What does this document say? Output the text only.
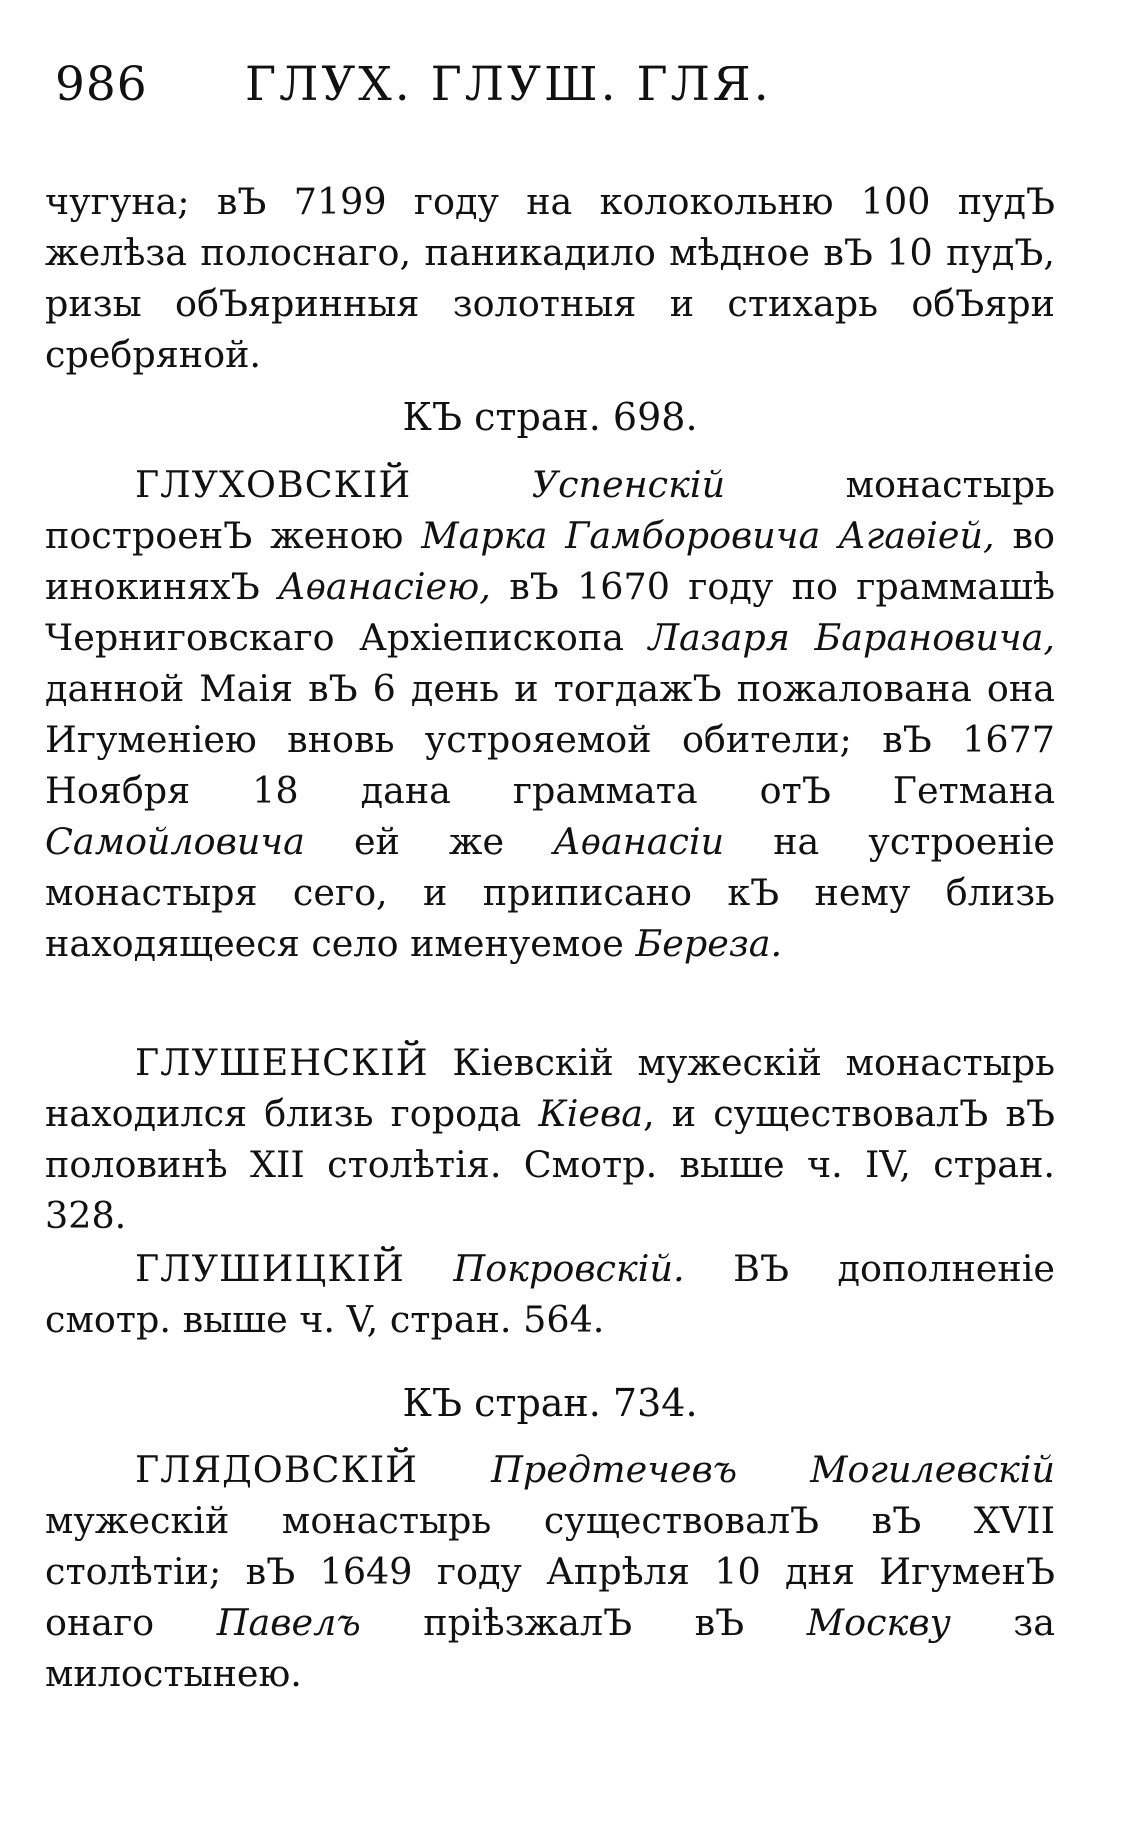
986 ГЛУХ. ГЛУШ. ГЛЯ.

чугуна; вЪ 7199 году на колокольню 100 пудЪ желѣза полоснаго, паникадило мѣдное вЪ 10 пудЪ, ризы обЪяринныя золотныя и стихарь обЪяри сребряной.

КЪ стран. 698.

ГЛУХОВСКІЙ	Успенскій	монастырь построенЪ женою Марка Гамборовича Агаѳіей, во инокиняхЪ Аѳанасіею, вЪ 1670 году по граммашѣ Черниговскаго Архіепископа Лазаря Барановича, данной Маія вЪ 6 день и тогдажЪ пожалована она Игуменіею вновь устрояемой обители; вЪ 1677 Ноября 18 дана граммата отЪ Гетмана Самойловича ей же Аѳанасіи на устроеніе монастыря сего, и приписано кЪ нему близь находящееся село именуемое Береза.

ГЛУШЕНСКІЙ Кіевскій мужескій монастырь находился близь города Кіева, и существовалЪ вЪ половинѣ XII столѣтія. Смотр. выше ч. IV, стран. 328.

ГЛУШИЦКІЙ Покровскій. ВЪ дополненіе смотр. выше ч. V, стран. 564.

КЪ стран. 734.

ГЛЯДОВСКІЙ Предтечевъ Могилевскій мужескій монастырь существовалЪ вЪ XVII столѣтіи; вЪ 1649 году Апрѣля 10 дня ИгуменЪ онаго Павелъ пріѣзжалЪ вЪ Москву за милостынею.
